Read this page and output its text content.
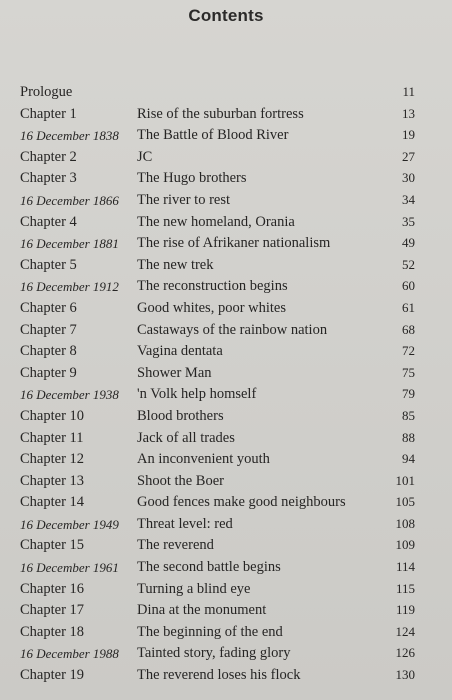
Contents
Prologue	11
Chapter 1	Rise of the suburban fortress	13
16 December 1838 The Battle of Blood River	19
Chapter 2	JC	27
Chapter 3	The Hugo brothers	30
16 December 1866 The river to rest	34
Chapter 4	The new homeland, Orania	35
16 December 1881 The rise of Afrikaner nationalism	49
Chapter 5	The new trek	52
16 December 1912 The reconstruction begins	60
Chapter 6	Good whites, poor whites	61
Chapter 7	Castaways of the rainbow nation	68
Chapter 8	Vagina dentata	72
Chapter 9	Shower Man	75
16 December 1938 'n Volk help homself	79
Chapter 10	Blood brothers	85
Chapter 11	Jack of all trades	88
Chapter 12	An inconvenient youth	94
Chapter 13	Shoot the Boer	101
Chapter 14	Good fences make good neighbours	105
16 December 1949 Threat level: red	108
Chapter 15	The reverend	109
16 December 1961 The second battle begins	114
Chapter 16	Turning a blind eye	115
Chapter 17	Dina at the monument	119
Chapter 18	The beginning of the end	124
16 December 1988 Tainted story, fading glory	126
Chapter 19	The reverend loses his flock	130
